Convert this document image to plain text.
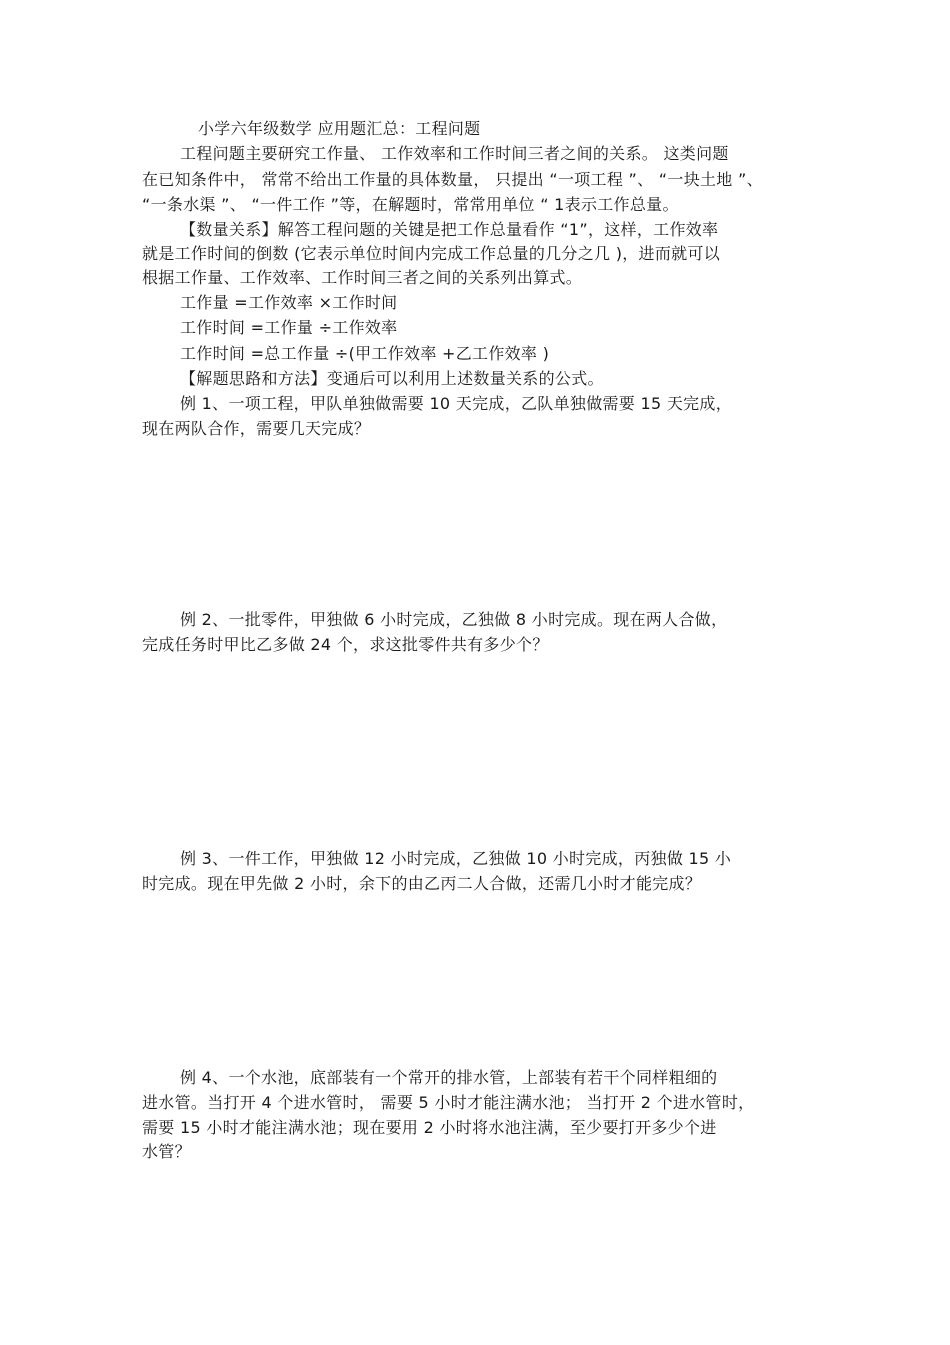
小学六年级数学 应用题汇总：工程问题
工程问题主要研究工作量、 工作效率和工作时间三者之间的关系。 这类问题
在已知条件中， 常常不给出工作量的具体数量， 只提出 “一项工程 ”、 “一块土地 ”、
“一条水渠 ”、 “一件工作 ”等，在解题时，常常用单位 “ 1表示工作总量。
【数量关系】解答工程问题的关键是把工作总量看作 “1”，这样，工作效率
就是工作时间的倒数 (它表示单位时间内完成工作总量的几分之几 )，进而就可以
根据工作量、工作效率、工作时间三者之间的关系列出算式。
工作量 =工作效率 ×工作时间
工作时间 =工作量 ÷工作效率
工作时间 =总工作量 ÷(甲工作效率 +乙工作效率 )
【解题思路和方法】变通后可以利用上述数量关系的公式。
例 1、一项工程，甲队单独做需要 10 天完成，乙队单独做需要 15 天完成，
现在两队合作，需要几天完成？
例 2、一批零件，甲独做 6 小时完成，乙独做 8 小时完成。现在两人合做，
完成任务时甲比乙多做 24 个，求这批零件共有多少个？
例 3、一件工作，甲独做 12 小时完成，乙独做 10 小时完成，丙独做 15 小
时完成。现在甲先做 2 小时，余下的由乙丙二人合做，还需几小时才能完成？
例 4、一个水池，底部装有一个常开的排水管，上部装有若干个同样粗细的
进水管。当打开 4 个进水管时， 需要 5 小时才能注满水池； 当打开 2 个进水管时，
需要 15 小时才能注满水池；现在要用 2 小时将水池注满，至少要打开多少个进
水管？
